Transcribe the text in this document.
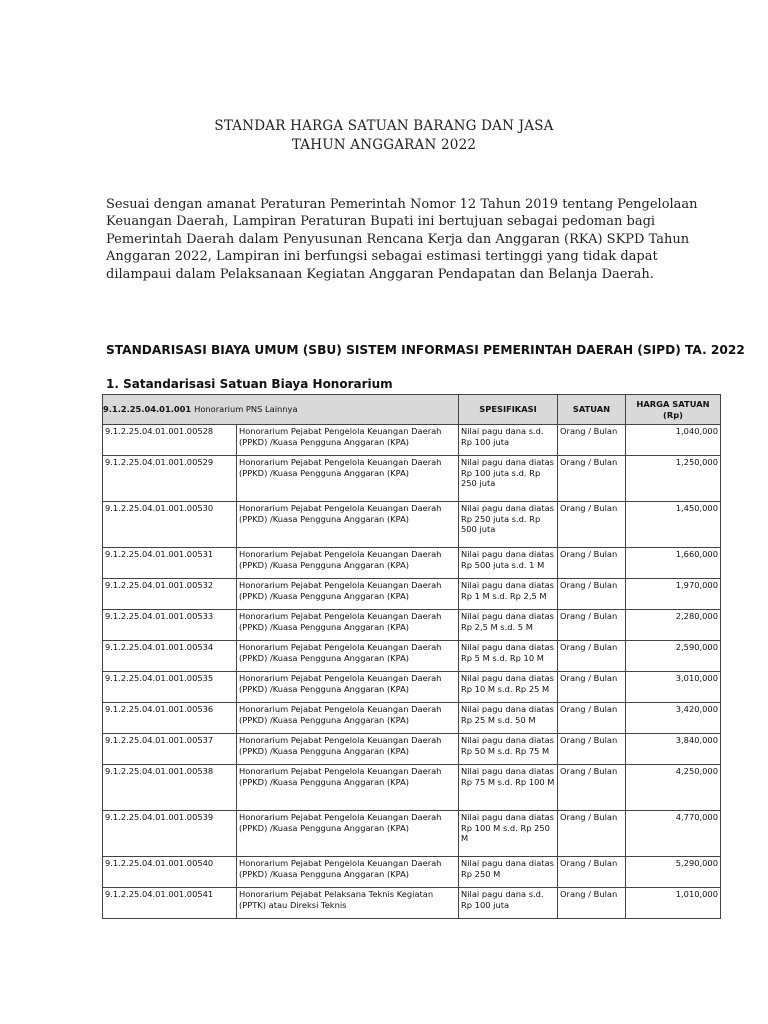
STANDAR HARGA SATUAN BARANG DAN JASA
TAHUN ANGGARAN 2022

Sesuai dengan amanat Peraturan Pemerintah Nomor 12 Tahun 2019 tentang Pengelolaan Keuangan Daerah, Lampiran Peraturan Bupati ini bertujuan sebagai pedoman bagi Pemerintah Daerah dalam Penyusunan Rencana Kerja dan Anggaran (RKA) SKPD Tahun Anggaran 2022, Lampiran ini berfungsi sebagai estimasi tertinggi yang tidak dapat dilampaui dalam Pelaksanaan Kegiatan Anggaran Pendapatan dan Belanja Daerah.

STANDARISASI BIAYA UMUM (SBU) SISTEM INFORMASI PEMERINTAH DAERAH (SIPD) TA. 2022

1. Satandarisasi Satuan Biaya Honorarium

9.1.2.25.04.01.001 Honorarium PNS Lainnya		SPESIFIKASI	SATUAN	HARGA SATUAN (Rp)
9.1.2.25.04.01.001.00528	Honorarium Pejabat Pengelola Keuangan Daerah (PPKD) /Kuasa Pengguna Anggaran (KPA)	Nilai pagu dana s.d. Rp 100 juta	Orang / Bulan	1,040,000
9.1.2.25.04.01.001.00529	Honorarium Pejabat Pengelola Keuangan Daerah (PPKD) /Kuasa Pengguna Anggaran (KPA)	Nilai pagu dana diatas Rp 100 juta s.d. Rp 250 juta	Orang / Bulan	1,250,000
9.1.2.25.04.01.001.00530	Honorarium Pejabat Pengelola Keuangan Daerah (PPKD) /Kuasa Pengguna Anggaran (KPA)	Nilai pagu dana diatas Rp 250 juta s.d. Rp 500 juta	Orang / Bulan	1,450,000
9.1.2.25.04.01.001.00531	Honorarium Pejabat Pengelola Keuangan Daerah (PPKD) /Kuasa Pengguna Anggaran (KPA)	Nilai pagu dana diatas Rp 500 juta s.d. 1 M	Orang / Bulan	1,660,000
9.1.2.25.04.01.001.00532	Honorarium Pejabat Pengelola Keuangan Daerah (PPKD) /Kuasa Pengguna Anggaran (KPA)	Nilai pagu dana diatas Rp 1 M s.d. Rp 2,5 M	Orang / Bulan	1,970,000
9.1.2.25.04.01.001.00533	Honorarium Pejabat Pengelola Keuangan Daerah (PPKD) /Kuasa Pengguna Anggaran (KPA)	Nilai pagu dana diatas Rp 2,5 M s.d. 5 M	Orang / Bulan	2,280,000
9.1.2.25.04.01.001.00534	Honorarium Pejabat Pengelola Keuangan Daerah (PPKD) /Kuasa Pengguna Anggaran (KPA)	Nilai pagu dana diatas Rp 5 M s.d. Rp 10 M	Orang / Bulan	2,590,000
9.1.2.25.04.01.001.00535	Honorarium Pejabat Pengelola Keuangan Daerah (PPKD) /Kuasa Pengguna Anggaran (KPA)	Nilai pagu dana diatas Rp 10 M s.d. Rp 25 M	Orang / Bulan	3,010,000
9.1.2.25.04.01.001.00536	Honorarium Pejabat Pengelola Keuangan Daerah (PPKD) /Kuasa Pengguna Anggaran (KPA)	Nilai pagu dana diatas Rp 25 M s.d. 50 M	Orang / Bulan	3,420,000
9.1.2.25.04.01.001.00537	Honorarium Pejabat Pengelola Keuangan Daerah (PPKD) /Kuasa Pengguna Anggaran (KPA)	Nilai pagu dana diatas Rp 50 M s.d. Rp 75 M	Orang / Bulan	3,840,000
9.1.2.25.04.01.001.00538	Honorarium Pejabat Pengelola Keuangan Daerah (PPKD) /Kuasa Pengguna Anggaran (KPA)	Nilai pagu dana diatas Rp 75 M s.d. Rp 100 M	Orang / Bulan	4,250,000
9.1.2.25.04.01.001.00539	Honorarium Pejabat Pengelola Keuangan Daerah (PPKD) /Kuasa Pengguna Anggaran (KPA)	Nilai pagu dana diatas Rp 100 M s.d. Rp 250 M	Orang / Bulan	4,770,000
9.1.2.25.04.01.001.00540	Honorarium Pejabat Pengelola Keuangan Daerah (PPKD) /Kuasa Pengguna Anggaran (KPA)	Nilai pagu dana diatas Rp 250 M	Orang / Bulan	5,290,000
9.1.2.25.04.01.001.00541	Honorarium Pejabat Pelaksana Teknis Kegiatan (PPTK) atau Direksi Teknis	Nilai pagu dana s.d. Rp 100 juta	Orang / Bulan	1,010,000
